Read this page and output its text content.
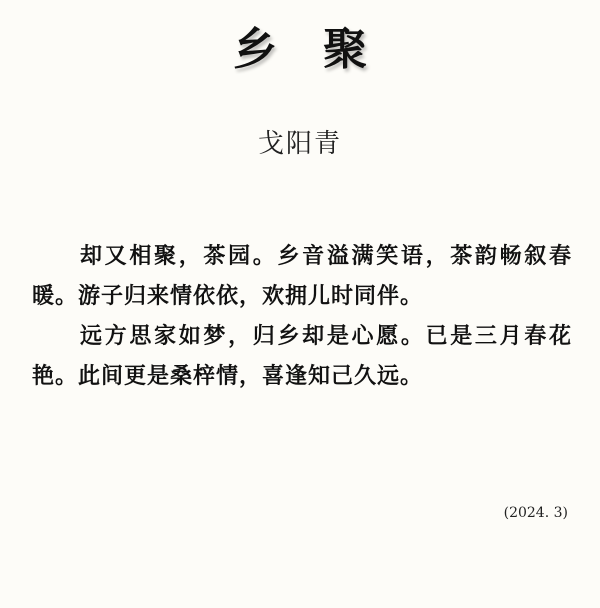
乡聚
戈阳青

却又相聚，茶园。乡音溢满笑语，茶韵畅叙春暖。游子归来情依依，欢拥儿时同伴。

远方思家如梦，归乡却是心愿。已是三月春花艳。此间更是桑梓情，喜逢知己久远。

(2024. 3)
